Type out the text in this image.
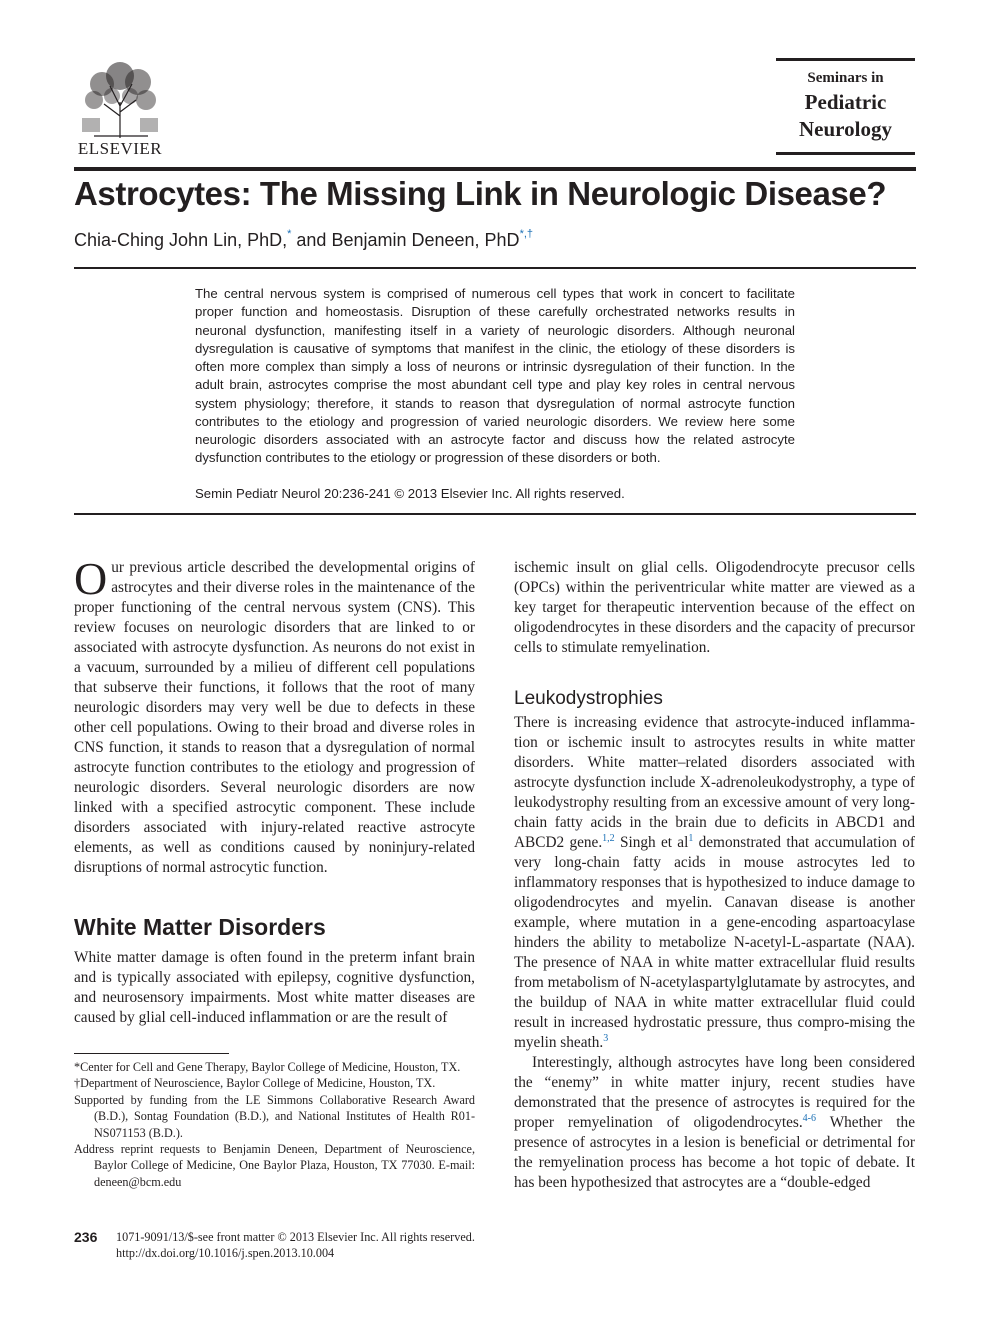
ELSEVIER
Seminars in
Pediatric
Neurology
Astrocytes: The Missing Link in Neurologic Disease?
Chia-Ching John Lin, PhD,* and Benjamin Deneen, PhD*,†

The central nervous system is comprised of numerous cell types that work in concert to facilitate proper function and homeostasis. Disruption of these carefully orchestrated networks results in neuronal dysfunction, manifesting itself in a variety of neurologic disorders. Although neuronal dysregulation is causative of symptoms that manifest in the clinic, the etiology of these disorders is often more complex than simply a loss of neurons or intrinsic dysregulation of their function. In the adult brain, astrocytes comprise the most abundant cell type and play key roles in central nervous system physiology; therefore, it stands to reason that dysregulation of normal astrocyte function contributes to the etiology and progression of varied neurologic disorders. We review here some neurologic disorders associated with an astrocyte factor and discuss how the related astrocyte dysfunction contributes to the etiology or progression of these disorders or both.

Semin Pediatr Neurol 20:236-241 © 2013 Elsevier Inc. All rights reserved.
O ur previous article described the developmental origins of astrocytes and their diverse roles in the maintenance of the proper functioning of the central nervous system (CNS). This review focuses on neurologic disorders that are linked to or associated with astrocyte dysfunction. As neurons do not exist in a vacuum, surrounded by a milieu of different cell populations that subserve their functions, it follows that the root of many neurologic disorders may very well be due to defects in these other cell populations. Owing to their broad and diverse roles in CNS function, it stands to reason that a dysregulation of normal astrocyte function contributes to the etiology and progression of neurologic disorders. Several neurologic disorders are now linked with a specified astrocytic component. These include disorders associated with injury-related reactive astrocyte elements, as well as conditions caused by noninjury-related disruptions of normal astrocytic function.

White Matter Disorders

White matter damage is often found in the preterm infant brain and is typically associated with epilepsy, cognitive dysfunction, and neurosensory impairments. Most white matter diseases are caused by glial cell-induced inflammation or are the result of

ischemic insult on glial cells. Oligodendrocyte precusor cells (OPCs) within the periventricular white matter are viewed as a key target for therapeutic intervention because of the effect on oligodendrocytes in these disorders and the capacity of precursor cells to stimulate remyelination.

Leukodystrophies

There is increasing evidence that astrocyte-induced inflamma-tion or ischemic insult to astrocytes results in white matter disorders. White matter–related disorders associated with astrocyte dysfunction include X-adrenoleukodystrophy, a type of leukodystrophy resulting from an excessive amount of very long-chain fatty acids in the brain due to deficits in ABCD1 and ABCD2 gene.$^{1,2}$ Singh et $al^1$ demonstrated that accumulation of very long-chain fatty acids in mouse astrocytes led to inflammatory responses that is hypothesized to induce damage to oligodendrocytes and myelin. Canavan disease is another example, where mutation in a gene-encoding aspartoacylase hinders the ability to metabolize N-acetyl-L-aspartate (NAA). The presence of NAA in white matter extracellular fluid results from metabolism of N-acetylaspartylglutamate by astrocytes, and the buildup of NAA in white matter extracellular fluid could result in increased hydrostatic pressure, thus compro-mising the myelin sheath.$^3$

Interestingly, although astrocytes have long been considered the “enemy” in white matter injury, recent studies have demonstrated that the presence of astrocytes is required for the proper remyelination of oligodendrocytes.$^{4-6}$ Whether the presence of astrocytes in a lesion is beneficial or detrimental for the remyelination process has become a hot topic of debate. It has been hypothesized that astrocytes are a “double-edged

*Center for Cell and Gene Therapy, Baylor College of Medicine, Houston, TX.

†Department of Neuroscience, Baylor College of Medicine, Houston, TX.

Supported by funding from the LE Simmons Collaborative Research Award (B.D.), Sontag Foundation (B.D.), and National Institutes of Health R01-NS071153 (B.D.).

Address reprint requests to Benjamin Deneen, Department of Neuroscience, Baylor College of Medicine, One Baylor Plaza, Houston, TX 77030. E-mail: deneen@bcm.edu

236 1071-9091/13/$-see front matter © 2013 Elsevier Inc. All rights reserved.
http://dx.doi.org/10.1016/j.spen.2013.10.004
